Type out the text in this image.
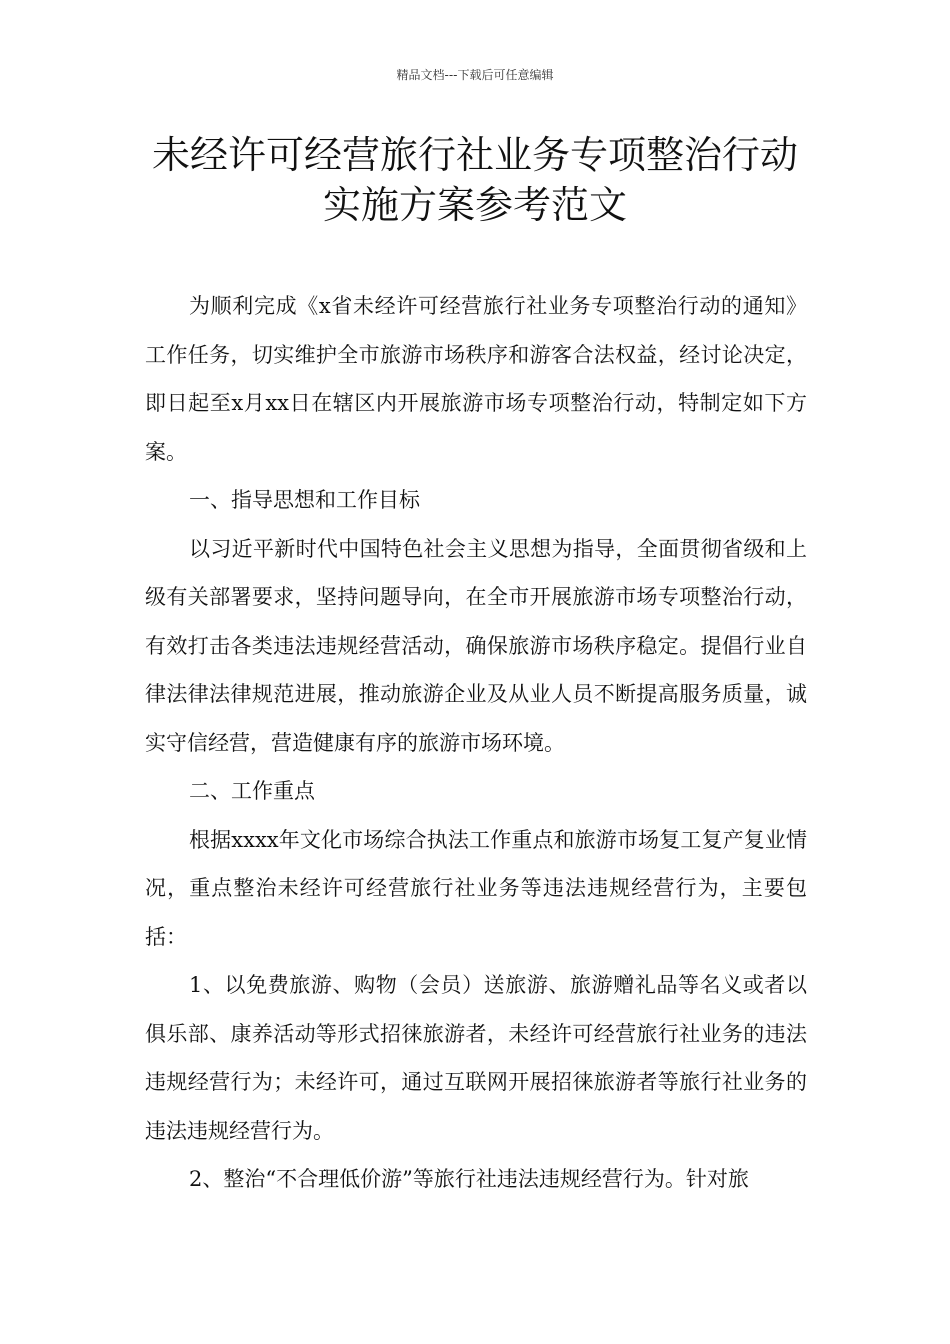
精品文档---下载后可任意编辑
未经许可经营旅行社业务专项整治行动
实施方案参考范文

为顺利完成《x省未经许可经营旅行社业务专项整治行动的通知》工作任务，切实维护全市旅游市场秩序和游客合法权益，经讨论决定，即日起至x月xx日在辖区内开展旅游市场专项整治行动，特制定如下方案。

一、指导思想和工作目标

以习近平新时代中国特色社会主义思想为指导，全面贯彻省级和上级有关部署要求，坚持问题导向，在全市开展旅游市场专项整治行动，有效打击各类违法违规经营活动，确保旅游市场秩序稳定。提倡行业自律法律法律规范进展，推动旅游企业及从业人员不断提高服务质量，诚实守信经营，营造健康有序的旅游市场环境。

二、工作重点

根据xxxx年文化市场综合执法工作重点和旅游市场复工复产复业情况，重点整治未经许可经营旅行社业务等违法违规经营行为，主要包括：

1、以免费旅游、购物（会员）送旅游、旅游赠礼品等名义或者以俱乐部、康养活动等形式招徕旅游者，未经许可经营旅行社业务的违法违规经营行为；未经许可，通过互联网开展招徕旅游者等旅行社业务的违法违规经营行为。

2、整治“不合理低价游”等旅行社违法违规经营行为。针对旅
